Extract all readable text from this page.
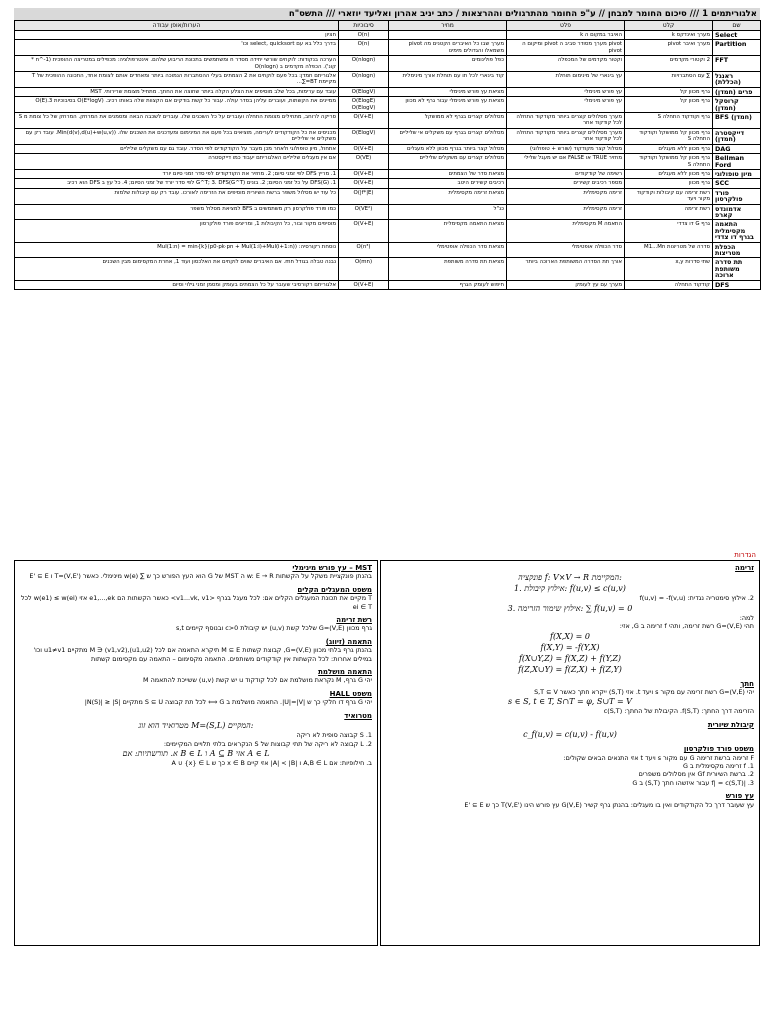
אלגוריתמים 1 /// סיכום החומר למבחן // ע"פ החומר מהתרגולים וההרצאות / כתב יניב אהרון ואליעד יוזארי /// התשס"ח
שם	קלט	פלט	מחיר	סיבוכיות	הערות/אופן עבודה
Select	מערך ואינדקס k	האיבר במקום ה k		O(n)	חציון
Partition	מערך ואיבר pivot	pivot מערך מסודר סביב ה pivot ומיקום ה pivot	מערך שבו כל האיברים הקטנים מה pivot משמאלו והגדולים מימינו	O(n)	בדרך כלל בא עם select, quicksort וכו'
FFT	2 וקטורי מקדמים	וקטור מקדמים של המכפלה	כפל פולינומים	O(nlogn)	הערכה בנקודות: לוקחים שורשי יחידה מסדר n ומשתמשים בתכונת הריבוע שלהם. אינטרפולציה: מכפילים במטריצה ההופכית (n^-1 * קונ'). הכפלה מקדמים ב O(nlogn)
ראנגל (הכללת)	∑ עם הסתברויות	עץ בינארי של מינימום תוחלת	קוד בינארי לכל תו עם תוחלת אורך מינימלית	O(nlogn)	אלגוריתם חמדן: בכל פעם לוקחים את 2 הצמתים בעלי ההסתברות הנמוכה ביותר ומאחדים אותם לצומת אחד, התכונה ההופכית של T מקיימת BT=∑...
פרים (חמדן)	גרף מכוון קל	עץ פורש מינימלי	מציאת עץ פורש מינימלי	O(ElogV)	עובד עם ערימות, בכל שלב מוסיפים את הצלע הקלה ביותר שחוצה את החתך. מתחיל מצומת שרירותי. MST
קרוסקל (חמדן)	גרף מכוון קל	עץ פורש מינימלי	מציאת עץ פורש מינימלי עבור גרף לא מכוון	O(ElogE) O(ElogV)	ממיינים את הקשתות, ועוברים עליהן בסדר עולה. עבור כל קשת בודקים אם הקצוות שלה באותו רכיב. O(E*logV) בסיבוכיות 3.O(E)
BFS (חמדן)	גרף וקודקוד התחלה S	מערך מסלולים קצרים ביותר מקודקוד התחלה לכל קודקוד אחר	מסלולים קצרים בגרף לא ממושקל	O(V+E)	סריקה לרוחב, מתחילים מצומת התחלה ועוברים על כל השכנים שלו. עוברים לשכבה הבאה ומסמנים את המרחק. המרחק של כל צומת מ S
דייקסטרה (חמדן)	גרף מכוון קל ממושקל וקודקוד התחלה S	מערך מסלולים קצרים ביותר מקודקוד התחלה לכל קודקוד אחר	מסלולים קצרים בגרף עם משקלים אי שליליים	O(ElogV)	מכניסים את כל הקודקודים לערימה, מוציאים בכל פעם את המינימום ומעדכנים את השכנים שלו. Min(d(v),d(u)+w(u,v)). עובד רק עם משקלים אי שליליים
DAG	גרף מכוון ללא מעגלים	מסלול קצר מקודקוד (שורש + טופולוגי)	מסלול קצר ביותר בגרף מכוון ללא מעגלים	O(V+E)	אתחול, מיון טופולוגי ולאחר מכן מעבר על הקודקודים לפי הסדר. עובד גם עם משקלים שליליים
Bellman Ford	גרף מכוון קל ממושקל וקודקוד התחלה S	מחזיר TRUE או FALSE אם יש מעגל שלילי	מסלולים קצרים עם משקלים שליליים	O(VE)	אם אין מעגלים שליליים האלגוריתם יעבוד כמו דייקסטרה
מיון טופולוגי	גרף מכוון ללא מעגלים	רשימה של קודקודים	מציאת סדר של הצמתים	O(V+E)	1. מריץ DFS לפי זמני סיום; 2. מחזיר את הקודקודים לפי סדר זמני סיום יורד
SCC	גרף מכוון	מספר רכיבים קשירים	רכיבים קשירים היטב	O(V+E)	1. DFS(G) על כל זמני הסיום; 2. בונים G^T; 3. DFS(G^T) לפי סדר יורד של זמני הסיום; 4. כל עץ ב DFS הוא רכיב
פורד פולקרסון	רשת זרימה עם קיבולות וקודקוד מקור ויעד	זרימה מקסימלית	מציאת זרימה מקסימלית	O(|f*|E)	כל עוד יש מסלול משפר ברשת השיורית מוסיפים את הזרימה לאורכו. עובד רק עם קיבולות שלמות
אדמונדס קארפ	רשת זרימה	זרימה מקסימלית	כנ"ל	O(VE²)	כמו פורד פולקרסון רק משתמשים ב BFS למציאת מסלול משפר
התאמה מקסימלית בגרף דו צדדי	גרף G דו צדדי	התאמה M מקסימלית	מציאת התאמה מקסימלית	O(V+E)	מוסיפים מקור ובור, כל הקיבולות 1, ומריצים פורד פולקרסון
הכפלת מטריצות	סדרה של מטריצות M1...Mn	סדר הכפלה אופטימלי	מציאת סדר הכפלה אופטימלי	O(n³)	נוסחת רקורסיה: Mul(1:n) = min{k}(p0·pk·pn + Mul(1:i)+Mul(i+1:n))
תת סדרה משותפת ארוכה	שתי סדרות x,y	אורך תת הסדרה המשותפת הארוכה ביותר	מציאת תת סדרה משותפת	O(mn)	נבנה טבלה בגודל mn. אם האיברים שווים לוקחים את האלכסון ועוד 1, אחרת המקסימום מבין השכנים
DFS	קודקוד התחלה	מערך עם עץ לעומק	חיפוש לעומק הגרף	O(V+E)	אלגוריתם רקורסיבי שעובר על כל הצמתים בעומק ומסמן זמני גילוי וסיום
הגדרות
זרימה
פונקציה f: V×V → R המקיימת:
1. אילוץ קיבולת: f(u,v) ≤ c(u,v)
2. אילוץ סימטריה נגדית: f(u,v) = -f(v,u)
3. אילוץ שימור הזרימה: ∑ f(u,v) = 0
למה:
תהי G=(V,E) רשת זרימה, ותהי f זרימה ב G, אזי:
f(X,X) = 0
f(X,Y) = -f(Y,X)
f(X∪Y,Z) = f(X,Z) + f(Y,Z)
f(Z,X∪Y) = f(Z,X) + f(Z,Y)
חתך
יהי G=(V,E) רשת זרימה עם מקור s ויעד t. אזי (S,T) ייקרא חתך כאשר S,T ⊆ V
s ∈ S, t ∈ T, S∩T = φ, S∪T = V
הזרימה דרך החתך: f(S,T). הקיבולת של החתך: c(S,T)
קיבולת שיורית
c_f(u,v) = c(u,v) - f(u,v)
משפט פורד פולקרסון
F זרימה ברשת זרימה G עם מקור s ויעד t אזי התנאים הבאים שקולים:
1. f זרימה מקסימלית ב G
2. ברשת השיורית Gf אין מסלולים משפרים
3. |f| = c(S,T) עבור איזשהו חתך (S,T) ב G
עץ פורש
עץ שעובר דרך כל הקודקודים ואין בו מעגלים: בהנתן גרף קשיר G(V,E) עץ פורש הינו T(V,E') כך ש E' ⊆ E
MST – עץ פורש מינימלי
בהנתן פונקציית משקל על הקשתות w: E → R ה MST של G הוא העץ הפורש כך ש ∑ w(e) מינימלי. כאשר T=(V,E') ו E' ⊆ E
משפט המעגלים הקלים
T מקיים את תכונת המעגלים הקלים אם: לכל מעגל בגרף <v1...vk, v1> כאשר הקשתות הם e1,...,ek אזי w(e1) ≤ w(ei) לכל ei ∈ T
רשת זרימה
גרף מכוון G=(V,E) שלכל קשת (u,v) יש קיבולת c>0 ובנוסף קיימים s,t
התאמה (זיווג)
בהנתן גרף בלתי מכוון G=(V,E), קבוצת קשתות M ⊆ E תיקרא התאמה אם לכל (u1,u2),(v1,v2) ∈ M מתקיים u1≠v1 וכו'
במילים אחרות: לכל הקשתות אין קודקודים משותפים. התאמה מקסימום – התאמה עם מקסימום קשתות
התאמה מושלמת
יהי G גרף, M נקראת מושלמת אם לכל קודקוד u יש קשת (u,v) ששייכת להתאמה M
משפט HALL
יהי G גרף דו חלקי כך ש |U|=|V|. התאמה מושלמת ב G ⟺ לכל תת קבוצה S ⊆ U מתקיים |N(S)| ≥ |S|
מטרואיד
מטרואיד הוא זוג M=(S,L) המקיים:
1. S קבוצה סופית לא ריקה
2. L קבוצה לא ריקה של תתי קבוצות של S הנקראים בלתי תלויים המקיימים:
א. תורשתיות: אם B ∈ L ו A ⊆ B אזי A ∈ L
ב. חילופיות: אם A,B ∈ L ו |A| < |B| אזי קיים x ∈ B כך ש A ∪ {x} ∈ L
